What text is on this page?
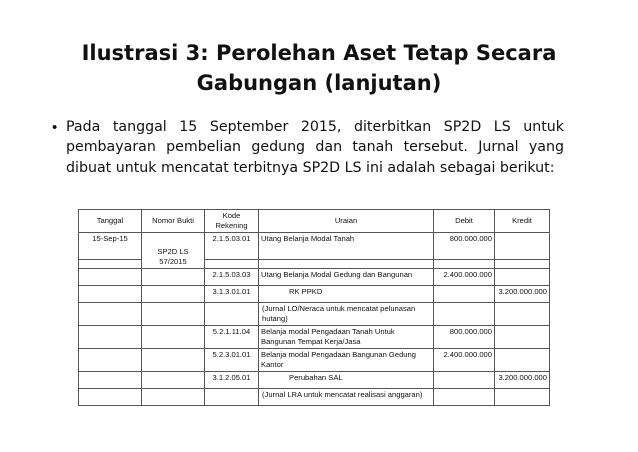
Ilustrasi 3: Perolehan Aset Tetap Secara
Gabungan (lanjutan)
• Pada tanggal 15 September 2015, diterbitkan SP2D LS untuk pembayaran pembelian gedung dan tanah tersebut. Jurnal yang dibuat untuk mencatat terbitnya SP2D LS ini adalah sebagai berikut:

Tanggal	Nomor Bukti	Kode Rekening	Uraian	Debit	Kredit
15-Sep-15	SP2D LS 57/2015	2.1.5.03.01	Utang Belanja Modal Tanah	800.000.000	

		2.1.5.03.03	Utang Belanja Modal Gedung dan Bangunan	2.400.000.000	
		3.1.3.01.01	RK PPKD		3.200.000.000
			(Jurnal LO/Neraca untuk mencatat pelunasan hutang)		
		5.2.1.11.04	Belanja modal Pengadaan Tanah Untuk Bangunan Tempat Kerja/Jasa	800.000.000	
		5.2.3.01.01	Belanja modal Pengadaan Bangunan Gedung Kantor	2.400.000.000	
		3.1.2.05.01	Perubahan SAL		3.200.000.000
			(Jurnal LRA untuk mencatat realisasi anggaran)		
